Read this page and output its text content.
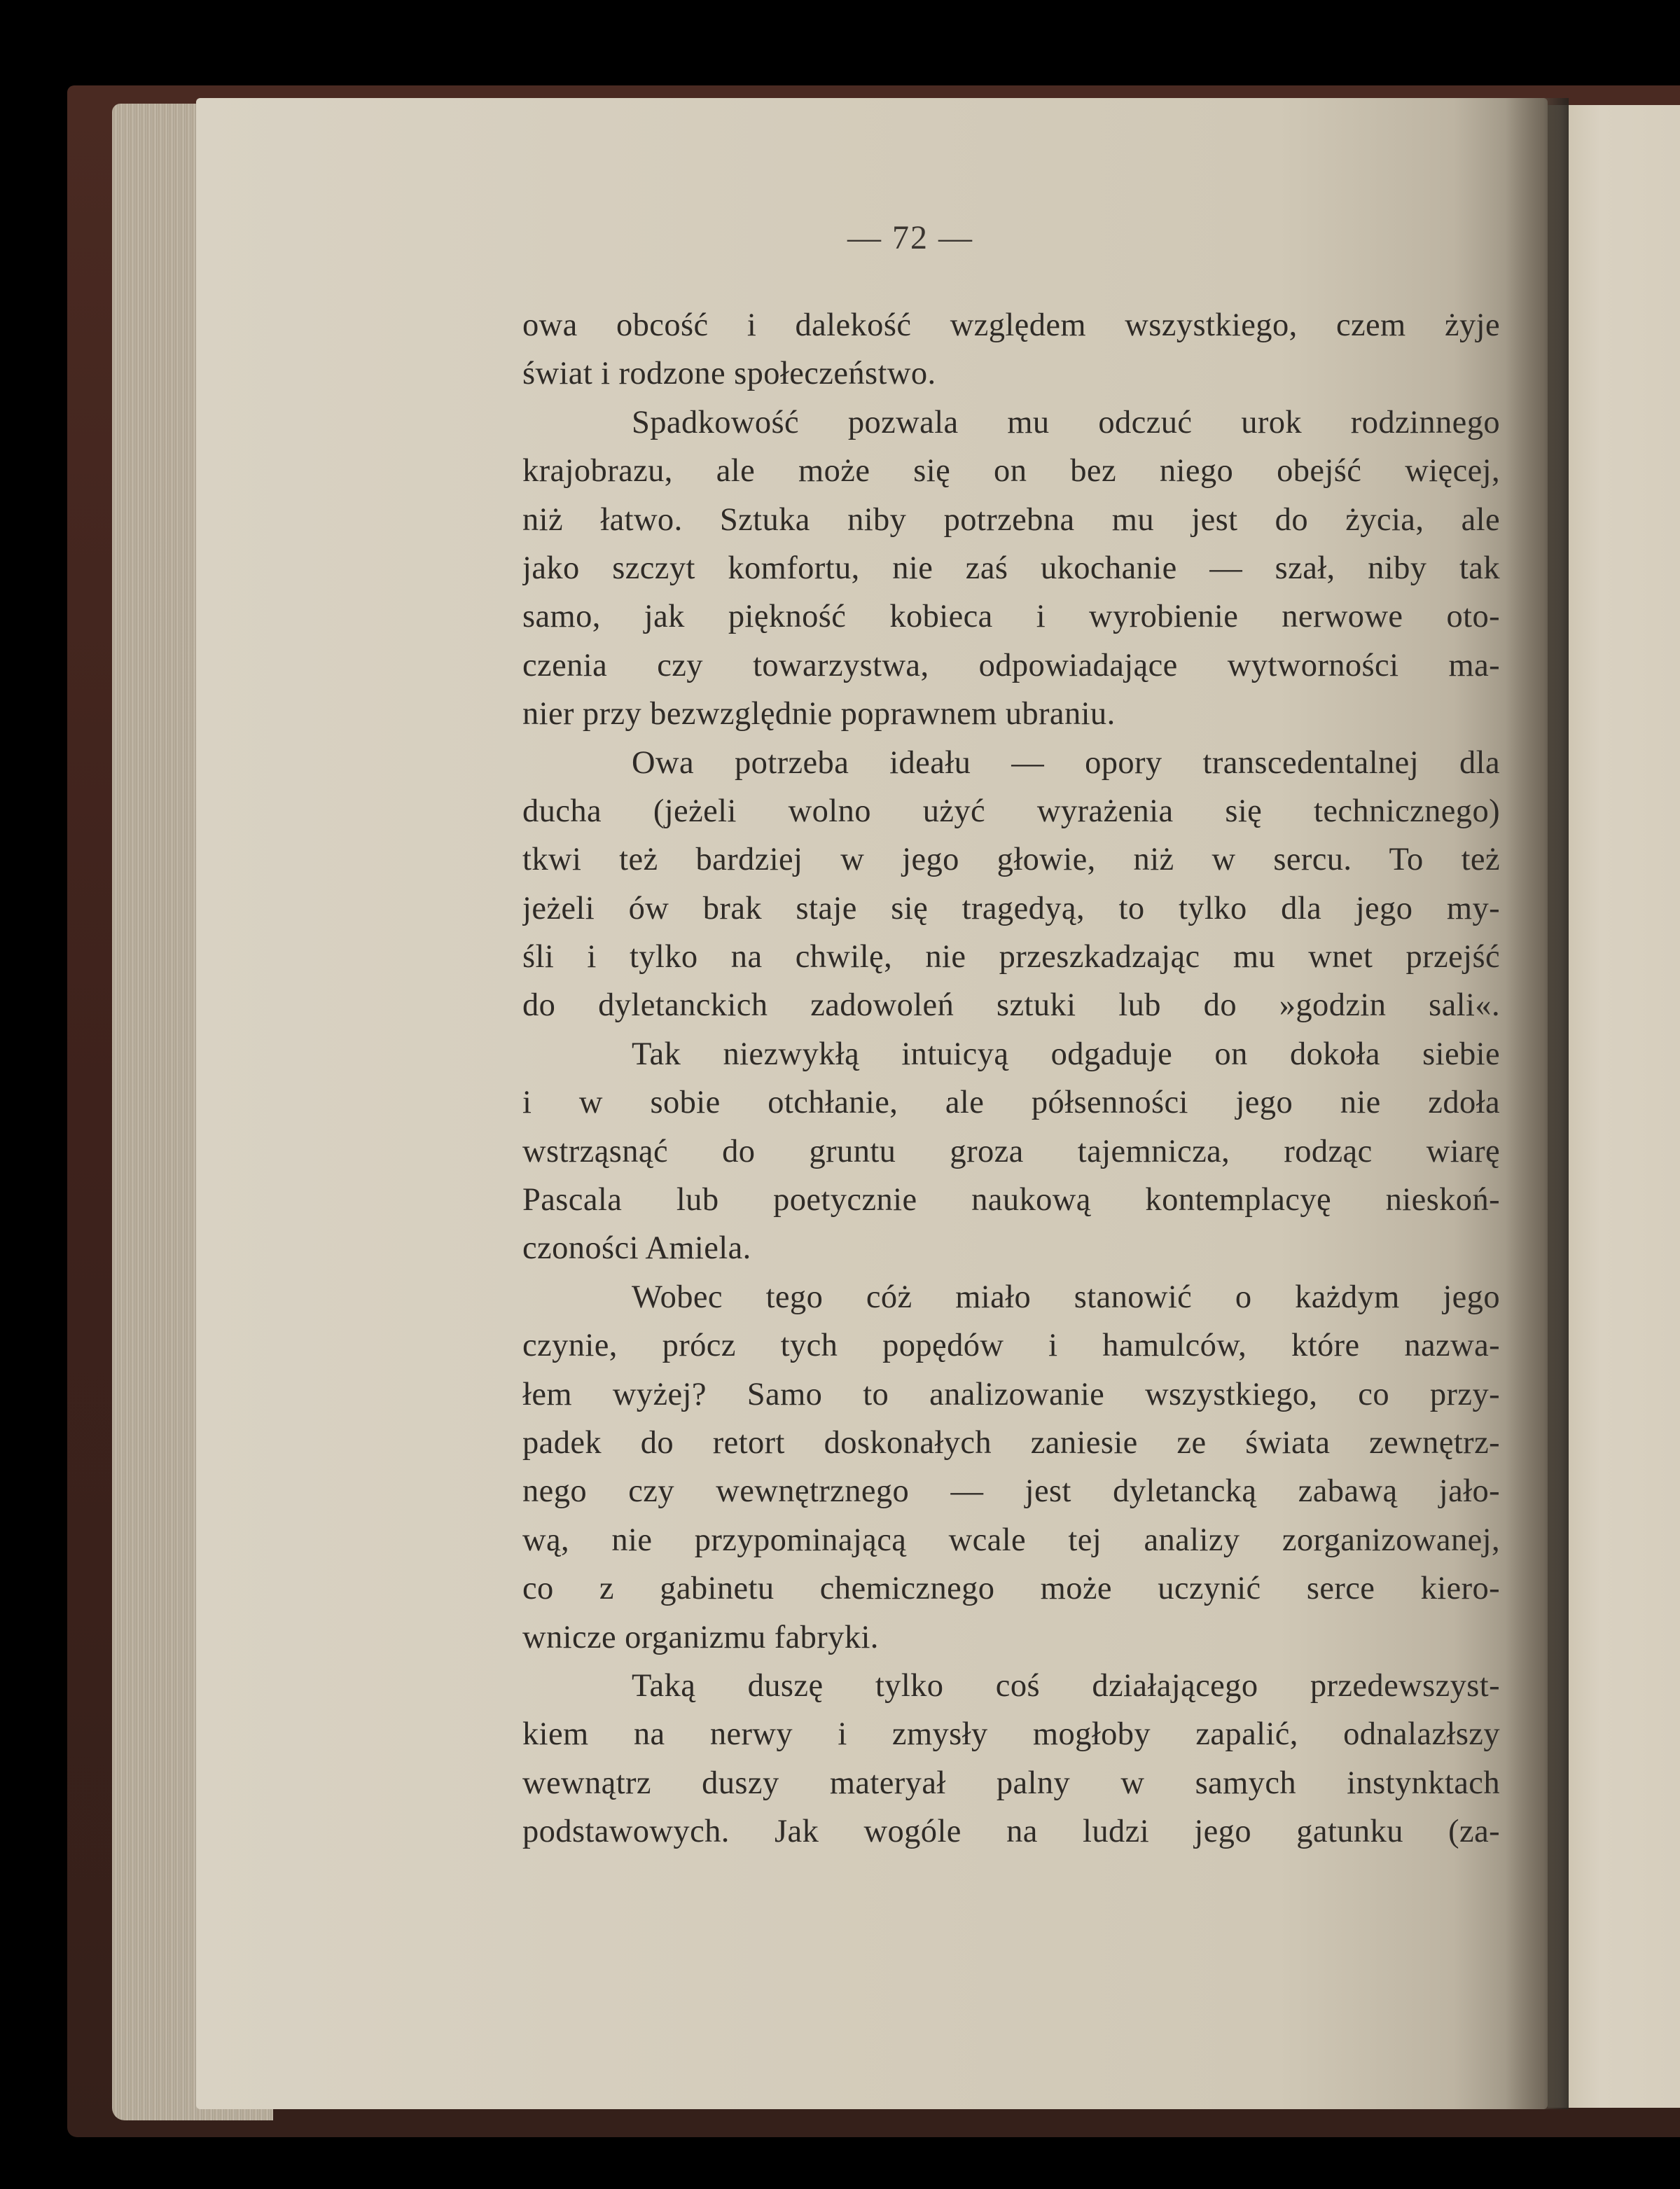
— 72 —
owa obcość i dalekość względem wszystkiego, czem żyje
świat i rodzone społeczeństwo.
Spadkowość pozwala mu odczuć urok rodzinnego
krajobrazu, ale może się on bez niego obejść więcej,
niż łatwo. Sztuka niby potrzebna mu jest do życia, ale
jako szczyt komfortu, nie zaś ukochanie — szał, niby tak
samo, jak piękność kobieca i wyrobienie nerwowe oto-
czenia czy towarzystwa, odpowiadające wytworności ma-
nier przy bezwzględnie poprawnem ubraniu.
Owa potrzeba ideału — opory transcedentalnej dla
ducha (jeżeli wolno użyć wyrażenia się technicznego)
tkwi też bardziej w jego głowie, niż w sercu. To też
jeżeli ów brak staje się tragedyą, to tylko dla jego my-
śli i tylko na chwilę, nie przeszkadzając mu wnet przejść
do dyletanckich zadowoleń sztuki lub do »godzin sali«.
Tak niezwykłą intuicyą odgaduje on dokoła siebie
i w sobie otchłanie, ale półsenności jego nie zdoła
wstrząsnąć do gruntu groza tajemnicza, rodząc wiarę
Pascala lub poetycznie naukową kontemplacyę nieskoń-
czoności Amiela.
Wobec tego cóż miało stanowić o każdym jego
czynie, prócz tych popędów i hamulców, które nazwa-
łem wyżej? Samo to analizowanie wszystkiego, co przy-
padek do retort doskonałych zaniesie ze świata zewnętrz-
nego czy wewnętrznego — jest dyletancką zabawą jało-
wą, nie przypominającą wcale tej analizy zorganizowanej,
co z gabinetu chemicznego może uczynić serce kiero-
wnicze organizmu fabryki.
Taką duszę tylko coś działającego przedewszyst-
kiem na nerwy i zmysły mogłoby zapalić, odnalazłszy
wewnątrz duszy materyał palny w samych instynktach
podstawowych. Jak wogóle na ludzi jego gatunku (za-
